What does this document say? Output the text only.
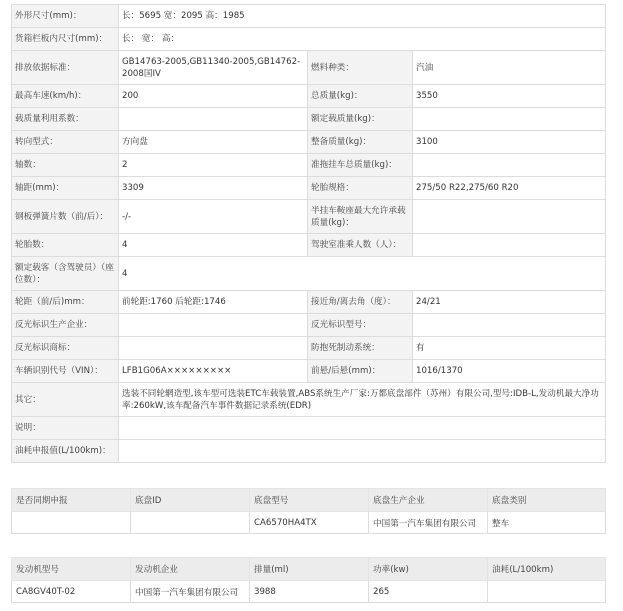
外形尺寸(mm)：	长：5695 宽：2095 高：1985		
货箱栏板内尺寸(mm)：	长： 宽： 高：		
排放依据标准：	GB14763-2005,GB11340-2005,GB14762-2008国IV	燃料种类：	汽油
最高车速(km/h)：	200	总质量(kg)：	3550
载质量利用系数：		额定载质量(kg)：	
转向型式：	方向盘	整备质量(kg)：	3100
轴数：	2	准拖挂车总质量(kg)：	
轴距(mm)：	3309	轮胎规格：	275/50 R22,275/60 R20
钢板弹簧片数（前/后）：	-/-	半挂车鞍座最大允许承载质量(kg)：	
轮胎数：	4	驾驶室准乘人数（人）：	
额定载客（含驾驶员）（座位数）：	4		
轮距（前/后)mm：	前轮距:1760 后轮距:1746	接近角/离去角（度）：	24/21
反光标识生产企业：		反光标识型号：	
反光标识商标：		防抱死制动系统：	有
车辆识别代号（VIN）：	LFB1G06A×××××××××	前悬/后悬(mm)：	1016/1370
其它：	选装不同轮辋造型,该车型可选装ETC车载装置,ABS系统生产厂家:万都底盘部件（苏州）有限公司,型号:IDB-L,发动机最大净功率:260kW,该车配备汽车事件数据记录系统(EDR)		
说明：			
油耗申报值(L/100km)：			
是否同期申报	底盘ID	底盘型号	底盘生产企业	底盘类别
		CA6570HA4TX	中国第一汽车集团有限公司	整车
发动机型号	发动机企业	排量(ml)	功率(kw)	油耗(L/100km)
CA8GV40T-02	中国第一汽车集团有限公司	3988	265	
